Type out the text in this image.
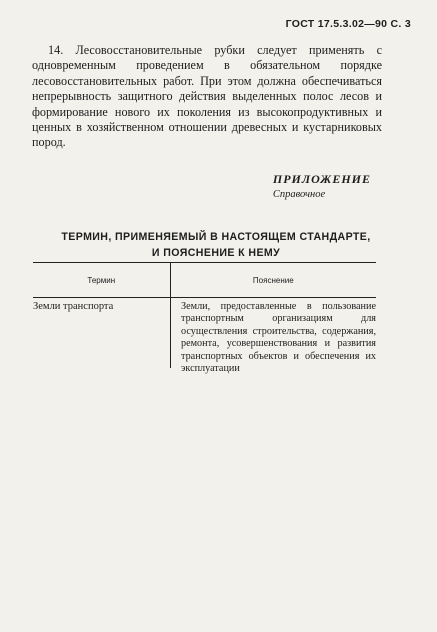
ГОСТ 17.5.3.02—90 С. 3
14. Лесовосстановительные рубки следует применять с одновременным проведением в обязательном порядке лесовосстановительных работ. При этом должна обеспечиваться непрерывность защитного действия выделенных полос лесов и формирование нового их поколения из высокопродуктивных и ценных в хозяйственном отношении древесных и кустарниковых пород.
ПРИЛОЖЕНИЕ
Справочное
ТЕРМИН, ПРИМЕНЯЕМЫЙ В НАСТОЯЩЕМ СТАНДАРТЕ,
И ПОЯСНЕНИЕ К НЕМУ
Термин	Пояснение
Земли транспорта	Земли, предоставленные в пользование транспортным организациям для осуществления строительства, содержания, ремонта, усовершенствования и развития транспортных объектов и обеспечения их эксплуатации
